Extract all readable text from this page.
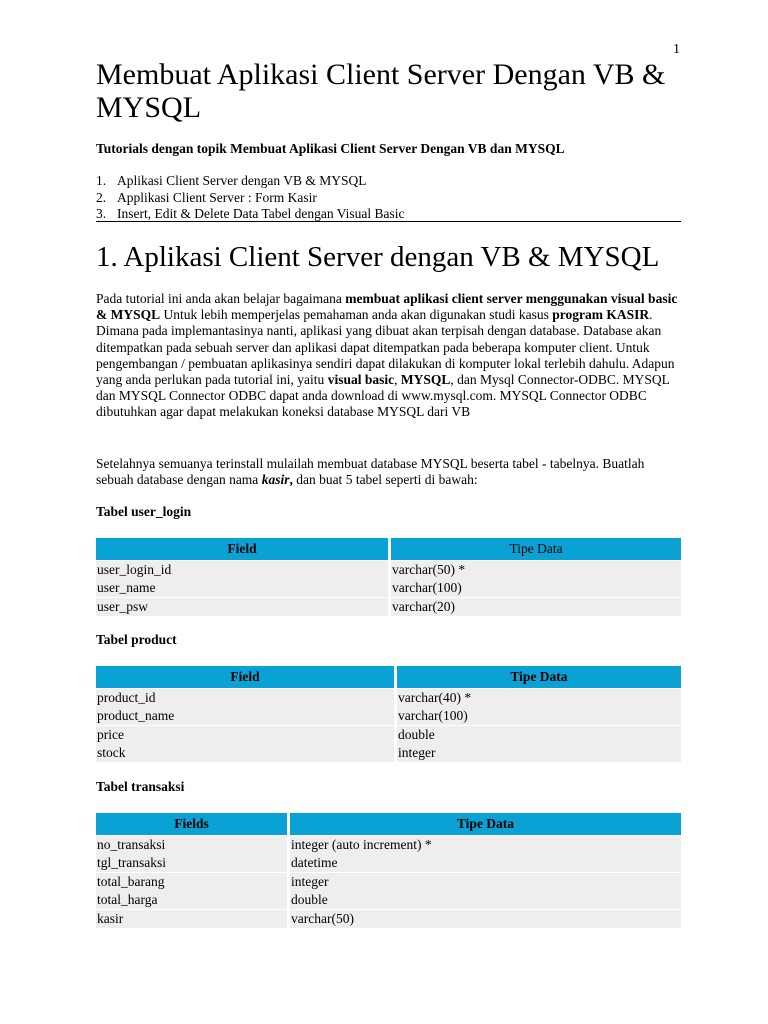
1
Membuat Aplikasi Client Server Dengan VB & MYSQL

Tutorials dengan topik Membuat Aplikasi Client Server Dengan VB dan MYSQL

1. Aplikasi Client Server dengan VB & MYSQL
2. Applikasi Client Server : Form Kasir
3. Insert, Edit & Delete Data Tabel dengan Visual Basic
1. Aplikasi Client Server dengan VB & MYSQL

Pada tutorial ini anda akan belajar bagaimana membuat aplikasi client server menggunakan visual basic & MYSQL Untuk lebih memperjelas pemahaman anda akan digunakan studi kasus program KASIR. Dimana pada implemantasinya nanti, aplikasi yang dibuat akan terpisah dengan database. Database akan ditempatkan pada sebuah server dan aplikasi dapat ditempatkan pada beberapa komputer client. Untuk pengembangan / pembuatan aplikasinya sendiri dapat dilakukan di komputer lokal terlebih dahulu. Adapun yang anda perlukan pada tutorial ini, yaitu visual basic, MYSQL, dan Mysql Connector-ODBC. MYSQL dan MYSQL Connector ODBC dapat anda download di www.mysql.com. MYSQL Connector ODBC dibutuhkan agar dapat melakukan koneksi database MYSQL dari VB

Setelahnya semuanya terinstall mulailah membuat database MYSQL beserta tabel - tabelnya. Buatlah sebuah database dengan nama kasir, dan buat 5 tabel seperti di bawah:

Tabel user_login

Field	Tipe Data
user_login_id	varchar(50) *
user_name	varchar(100)
user_psw	varchar(20)

Tabel product

Field	Tipe Data
product_id	varchar(40) *
product_name	varchar(100)
price	double
stock	integer

Tabel transaksi

Fields	Tipe Data
no_transaksi	integer (auto increment) *
tgl_transaksi	datetime
total_barang	integer
total_harga	double
kasir	varchar(50)
